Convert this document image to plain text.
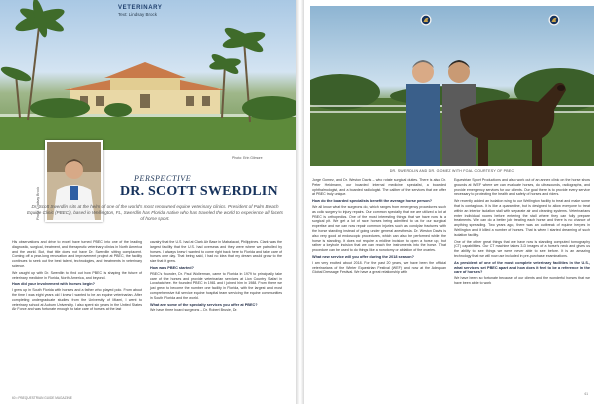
VETERINARY
Text: Lindsay Brock
Photo: Lindsay Brock
Photo: Erin Gilmore
PERSPECTIVE
DR. SCOTT SWERDLIN
Dr. Scott Swerdlin sits at the helm of one of the world's most renowned equine veterinary clinics. President of Palm Beach Equine Clinic (PBEC), based in Wellington, FL, Swerdlin has Florida native who has traveled the world to experience all facets of horse sport.

His observations and drive to excel have turned PBEC into one of the leading diagnostic, surgical, treatment, and therapeutic veterinary clinics in North America and the world. But, that title does not have Dr. Swerdlin sitting complacent. Coming off a year-long renovation and improvement project at PBEC, the facility continues to seek out the best talent, technologies, and treatments in veterinary science.

We caught up with Dr. Swerdlin to find out how PBEC is shaping the future of veterinary medicine in Florida, North America, and beyond.

How did your involvement with horses begin?

I grew up in South Florida with horses and a father who played polo. From about the time I was eight years old I knew I wanted to be an equine veterinarian. After completing undergraduate studies from the University of Miami, I went to veterinary school at Auburn University. I also spent six years in the United States Air Force and was fortunate enough to take care of horses at the last

cavalry that the U.S. had at Clark Air Base in Mabalacat, Philippines. Clark was the largest facility that the U.S. had overseas and they were where we patrolled by horses. I always knew I wanted to come right back here to Florida and take care of horses one day. That being said, I had no idea that my dream would grow to the size that it grew.

How was PBEC started?

PBEC's founder, Dr. Paul Wollerman, came to Florida in 1979 to principally take care of the horses and provide veterinarian services at Lion Country Safari in Loxahatchee. He founded PBEC in 1981 and I joined him in 1988. From there we just grew to become the number one facility in Florida, with the largest and most comprehensive full service equine hospital team servicing the equine communities in South Florida and the world.

What are some of the specialty services you offer at PBEC?

We have three board surgeons – Dr. Robert Brusie, Dr.

60 • PBEQUESTRIAN GUIDE MAGAZINE
DR. SWERDLIN AND DR. GOMEZ WITH FOAL COURTESY OF PBEC

Jorge Gomez, and Dr. Weston Davis – who rotate surgical duties. There is also Dr. Peter Heidmann, our boarded internal medicine specialist, a boarded ophthalmologist, and a boarded radiologist. The caliber of the services that we offer at PBEC truly unique.

How do the boarded specialists benefit the average horse person?

We all know what the surgeons do, which ranges from emergency procedures such as colic surgery to injury repairs. Our common specialty that we are utilized a lot at PBEC is orthopedics. One of the most interesting things that we have now is a surgical pit. We get a lot of race horses being admitted to us for our surgical expertise and we can now repair common injuries such as condylar fractures with the horse standing instead of going under general anesthesia. Dr. Weston Davis is also very good at endoscopic procedures, which can also be performed while the horse is standing. It does not require a midline incision to open a horse up, but rather a keyhole incision that we can reach the instruments into the horse. That procedure can be used to do things like a nonotomy or ablation of the ovaries.

What new service will you offer during the 2018 season?

I am very excited about 2018. For the past 20 years, we have been the official veterinarians of the Winter Equestrian Festival (WEF) and now at the Adequan Global Dressage Festival. We have a great relationship with

Equestrian Sport Productions and also work out of an annex clinic on the horse show grounds at WEF where we can evaluate horses, do ultrasounds, radiographs, and provide emergency services for our clients. Our goal there is to provide every service necessary to protecting the health and safety of horses and riders.

We recently added an isolation wing to our Wellington facility to treat and make some that is contagious. It is like a quarantine, but is designed to allow everyone to treat within an interior isolation stall with separate air and cleaning systems. Veterinarians enter individual rooms before entering the stall where they can fully prepare treatments. We can do a better job treating each horse and there is no chance of anything spreading. Two years ago, there was an outbreak of equine herpes in Wellington and it killed a number of horses. That is when I started dreaming of such isolation facility.

One of the other great things that we have now is standing computed tomography (CT) capabilities. Our CT machine takes 3-D images of a horse's neck and gives us the ability to see things we were never able to see before. It is an amazing technology that we will now use included in pre-purchase examinations.

As president of one of the most complete veterinary facilities in the U.S., what services set PBEC apart and how does it feel to be a reference in the care of horses?

We have been so fortunate because of our clients and the wonderful horses that we have been able to work

61
